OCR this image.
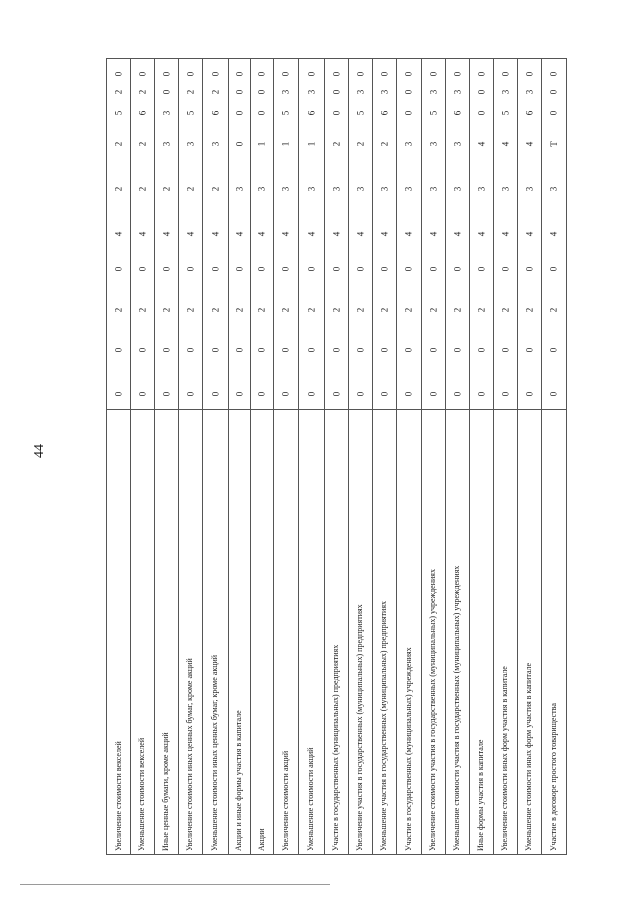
44
Увеличение стоимости векселей
0
0
2
0
4
2
2
5
2
0
Уменьшение стоимости векселей
0
0
2
0
4
2
2
6
2
0
Иные ценные бумаги, кроме акций
0
0
2
0
4
2
3
3
0
0
Увеличение стоимости иных ценных бумаг, кроме акций
0
0
2
0
4
2
3
5
2
0
Уменьшение стоимости иных ценных бумаг, кроме акций
0
0
2
0
4
2
3
6
2
0
Акции и иные формы участия в капитале
0
0
2
0
4
3
0
0
0
0
Акции
0
0
2
0
4
3
1
0
0
0
Увеличение стоимости акций
0
0
2
0
4
3
1
5
3
0
Уменьшение стоимости акций
0
0
2
0
4
3
1
6
3
0
Участие в государственных (муниципальных) предприятиях
0
0
2
0
4
3
2
0
0
0
Увеличение участия в государственных (муниципальных) предприятиях
0
0
2
0
4
3
2
5
3
0
Уменьшение участия в государственных (муниципальных) предприятиях
0
0
2
0
4
3
2
6
3
0
Участие в государственных (муниципальных) учреждениях
0
0
2
0
4
3
3
0
0
0
Увеличение стоимости участия в государственных (муниципальных) учреждениях
0
0
2
0
4
3
3
5
3
0
Уменьшение стоимости участия в государственных (муниципальных) учреждениях
0
0
2
0
4
3
3
6
3
0
Иные формы участия в капитале
0
0
2
0
4
3
4
0
0
0
Увеличение стоимости иных форм участия в капитале
0
0
2
0
4
3
4
5
3
0
Уменьшение стоимости иных форм участия в капитале
0
0
2
0
4
3
4
6
3
0
Участие в договоре простого товарищества
0
0
2
0
4
3
Т
0
0
0
